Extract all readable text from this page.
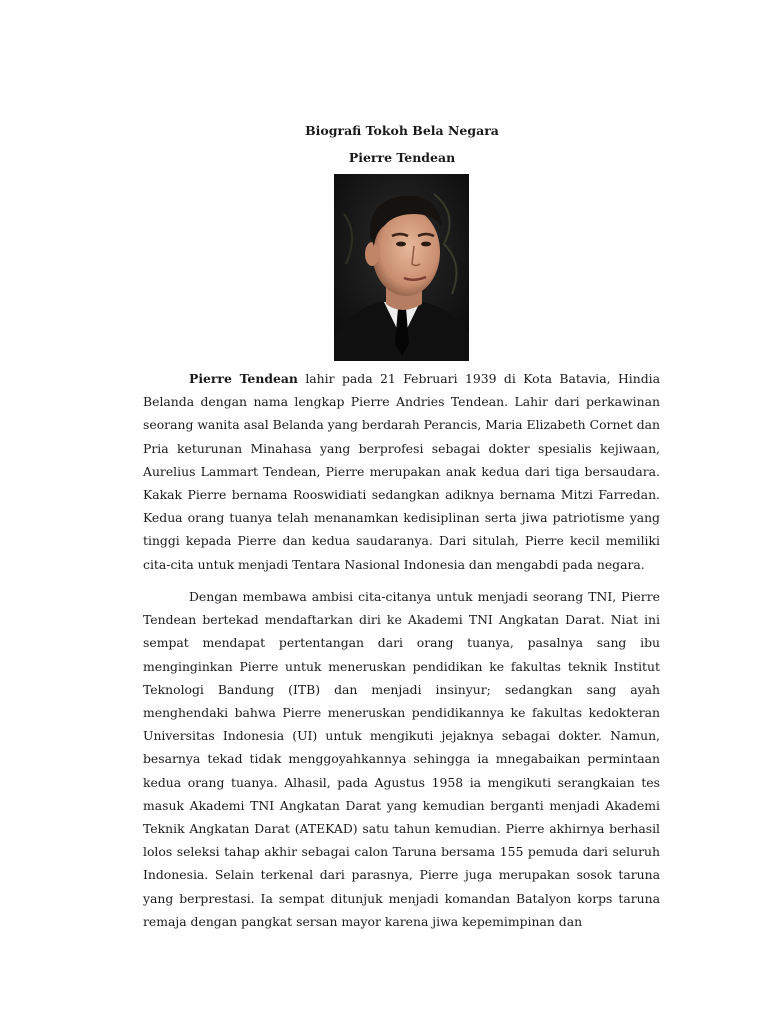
Biografi Tokoh Bela Negara
Pierre Tendean

Pierre Tendean lahir pada 21 Februari 1939 di Kota Batavia, Hindia Belanda dengan nama lengkap Pierre Andries Tendean. Lahir dari perkawinan seorang wanita asal Belanda yang berdarah Perancis, Maria Elizabeth Cornet dan Pria keturunan Minahasa yang berprofesi sebagai dokter spesialis kejiwaan, Aurelius Lammart Tendean, Pierre merupakan anak kedua dari tiga bersaudara. Kakak Pierre bernama Rooswidiati sedangkan adiknya bernama Mitzi Farredan. Kedua orang tuanya telah menanamkan kedisiplinan serta jiwa patriotisme yang tinggi kepada Pierre dan kedua saudaranya. Dari situlah, Pierre kecil memiliki cita-cita untuk menjadi Tentara Nasional Indonesia dan mengabdi pada negara.

Dengan membawa ambisi cita-citanya untuk menjadi seorang TNI, Pierre Tendean bertekad mendaftarkan diri ke Akademi TNI Angkatan Darat. Niat ini sempat mendapat pertentangan dari orang tuanya, pasalnya sang ibu menginginkan Pierre untuk meneruskan pendidikan ke fakultas teknik Institut Teknologi Bandung (ITB) dan menjadi insinyur; sedangkan sang ayah menghendaki bahwa Pierre meneruskan pendidikannya ke fakultas kedokteran Universitas Indonesia (UI) untuk mengikuti jejaknya sebagai dokter. Namun, besarnya tekad tidak menggoyahkannya sehingga ia mnegabaikan permintaan kedua orang tuanya. Alhasil, pada Agustus 1958 ia mengikuti serangkaian tes masuk Akademi TNI Angkatan Darat yang kemudian berganti menjadi Akademi Teknik Angkatan Darat (ATEKAD) satu tahun kemudian. Pierre akhirnya berhasil lolos seleksi tahap akhir sebagai calon Taruna bersama 155 pemuda dari seluruh Indonesia. Selain terkenal dari parasnya, Pierre juga merupakan sosok taruna yang berprestasi. Ia sempat ditunjuk menjadi komandan Batalyon korps taruna remaja dengan pangkat sersan mayor karena jiwa kepemimpinan dan
